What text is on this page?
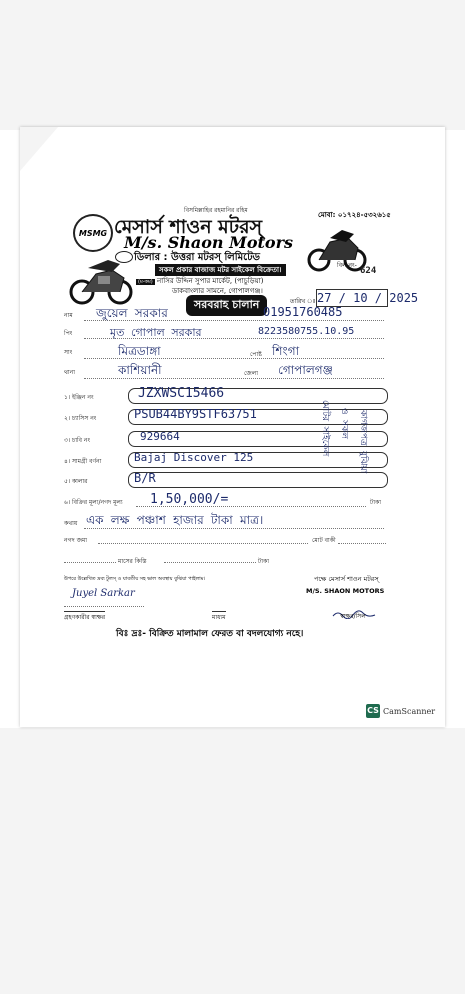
বিসমিল্লাহির রহমানির রহিম
মোবা: ০১৭২৪-৫৩২৬১৫
MSMG মেসার্স শাওন মটরস্
M/s. Shaon Motors
ডিলার : উত্তরা মটরস্ লিমিটেড
বিল নং-
624
সকল প্রকার বাজাজ মটর সাইকেল বিক্রেতা।
(ম-কম) নাসির উদ্দিন সুপার মার্কেট, (পাচুড়িয়া)
ডাকবাংলার সামনে, গোপালগঞ্জ।
সরবরাহ চালান	তারিখ ঃ 27 / 10 / 2025
নাম জুয়েল সরকার	01951760485
পিং	মৃত গোপাল সরকার	8223580755.10.95
সাং	মিত্রডাঙ্গা	পোষ্ট শিংগা
থানা	কাশিয়ানী	জেলা গোপালগঞ্জ
১। ইঞ্জিন নং	JZXWSC15466
২। চ্যাসিস নং	PSUB44BY9STF63751
৩। চাবি নং	929664
৪। সামগ্রী বর্ণনা	Bajaj Discover 125
৫। কালার	B/R
মোটর সাইকেল	ও সকল	কাগজপত্র বুঝিয়া
৬। বিক্রির মূল্য/নগদ মূল্য 1,50,000/=	টাকা
কথায় এক লক্ষ পঞ্চাশ হাজার টাকা মাত্র।
নগদ জমা	মোট বাকী
মাসের কিস্তি	টাকা
উপরে উল্লেখিত দ্রব্য টুলস্ ও যাবতীয় সহ ভাল অবস্থায় বুঝিয়া পাইলাম।	পক্ষে মেসার্স শাওন মটরস্
M/S. SHAON MOTORS
Juyel Sarkar
গ্রহণকারীর স্বাক্ষর	মাধ্যম	স্বাক্ষর/সিল
বিঃ দ্রঃ- বিক্রিত মালামাল ফেরত বা বদলযোগ্য নহে।
CS CamScanner
